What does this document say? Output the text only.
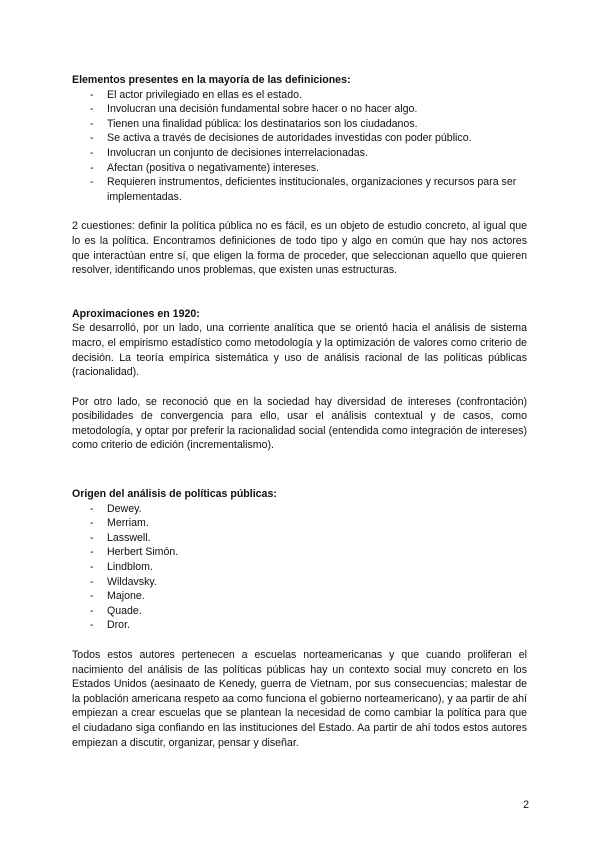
Elementos presentes en la mayoría de las definiciones:
- El actor privilegiado en ellas es el estado.
- Involucran una decisión fundamental sobre hacer o no hacer algo.
- Tienen una finalidad pública: los destinatarios son los ciudadanos.
- Se activa a través de decisiones de autoridades investidas con poder público.
- Involucran un conjunto de decisiones interrelacionadas.
- Afectan (positiva o negativamente) intereses.
- Requieren instrumentos, deficientes institucionales, organizaciones y recursos para ser implementadas.

2 cuestiones: definir la política pública no es fácil, es un objeto de estudio concreto, al igual que lo es la política. Encontramos definiciones de todo tipo y algo en común que hay nos actores que interactúan entre sí, que eligen la forma de proceder, que seleccionan aquello que quieren resolver, identificando unos problemas, que existen unas estructuras.

Aproximaciones en 1920:

Se desarrolló, por un lado, una corriente analítica que se orientó hacia el análisis de sistema macro, el empirismo estadístico como metodología y la optimización de valores como criterio de decisión. La teoría empírica sistemática y uso de análisis racional de las políticas públicas (racionalidad).

Por otro lado, se reconoció que en la sociedad hay diversidad de intereses (confrontación) posibilidades de convergencia para ello, usar el análisis contextual y de casos, como metodología, y optar por preferir la racionalidad social (entendida como integración de intereses) como criterio de edición (incrementalismo).

Origen del análisis de políticas públicas:
- Dewey.
- Merriam.
- Lasswell.
- Herbert Simón.
- Lindblom.
- Wildavsky.
- Majone.
- Quade.
- Dror.

Todos estos autores pertenecen a escuelas norteamericanas y que cuando proliferan el nacimiento del análisis de las políticas públicas hay un contexto social muy concreto en los Estados Unidos (aesinaato de Kenedy, guerra de Vietnam, por sus consecuencias; malestar de la población americana respeto aa como funciona el gobierno norteamericano), y aa partir de ahí empiezan a crear escuelas que se plantean la necesidad de como cambiar la política para que el ciudadano siga confiando en las instituciones del Estado. Aa partir de ahí todos estos autores empiezan a discutir, organizar, pensar y diseñar.

2
